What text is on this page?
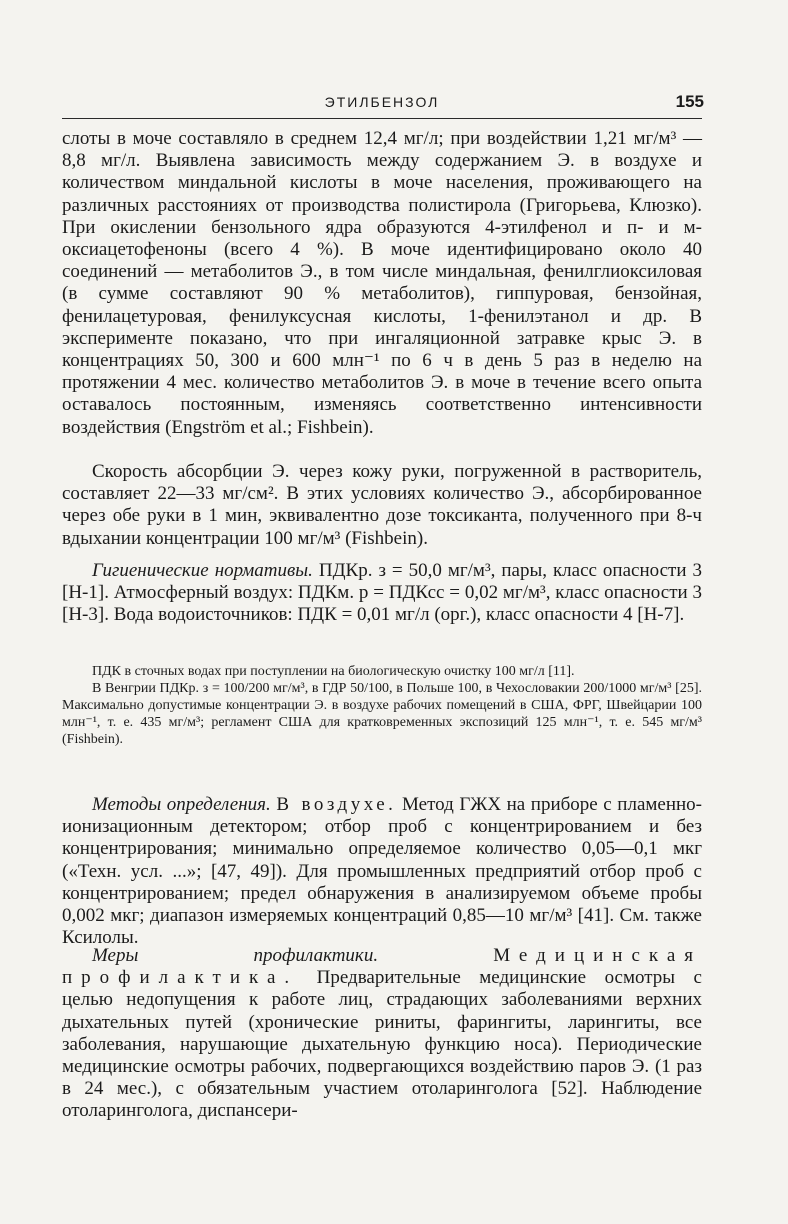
ЭТИЛБЕНЗОЛ	155

слоты в моче составляло в среднем 12,4 мг/л; при воздействии 1,21 мг/м³ — 8,8 мг/л. Выявлена зависимость между содержанием Э. в воздухе и количеством миндальной кислоты в моче населения, проживающего на различных расстояниях от производства полистирола (Григорьева, Клюзко). При окислении бензольного ядра образуются 4-этилфенол и п- и м-оксиацетофеноны (всего 4 %). В моче идентифицировано около 40 соединений — метаболитов Э., в том числе миндальная, фенилглиоксиловая (в сумме составляют 90 % метаболитов), гиппуровая, бензойная, фенилацетуровая, фенилуксусная кислоты, 1-фенилэтанол и др. В эксперименте показано, что при ингаляционной затравке крыс Э. в концентрациях 50, 300 и 600 млн⁻¹ по 6 ч в день 5 раз в неделю на протяжении 4 мес. количество метаболитов Э. в моче в течение всего опыта оставалось постоянным, изменяясь соответственно интенсивности воздействия (Engström et al.; Fishbein).

Скорость абсорбции Э. через кожу руки, погруженной в растворитель, составляет 22—33 мг/см². В этих условиях количество Э., абсорбированное через обе руки в 1 мин, эквивалентно дозе токсиканта, полученного при 8-ч вдыхании концентрации 100 мг/м³ (Fishbein).

Гигиенические нормативы. ПДКр. з = 50,0 мг/м³, пары, класс опасности 3 [Н-1]. Атмосферный воздух: ПДКм. р = ПДКсс = 0,02 мг/м³, класс опасности 3 [Н-3]. Вода водоисточников: ПДК = 0,01 мг/л (орг.), класс опасности 4 [Н-7].

ПДК в сточных водах при поступлении на биологическую очистку 100 мг/л [11].

В Венгрии ПДКр. з = 100/200 мг/м³, в ГДР 50/100, в Польше 100, в Чехословакии 200/1000 мг/м³ [25]. Максимально допустимые концентрации Э. в воздухе рабочих помещений в США, ФРГ, Швейцарии 100 млн⁻¹, т. е. 435 мг/м³; регламент США для кратковременных экспозиций 125 млн⁻¹, т. е. 545 мг/м³ (Fishbein).

Методы определения. В воздухе. Метод ГЖХ на приборе с пламенно-ионизационным детектором; отбор проб с концентрированием и без концентрирования; минимально определяемое количество 0,05—0,1 мкг («Техн. усл. ...»; [47, 49]). Для промышленных предприятий отбор проб с концентрированием; предел обнаружения в анализируемом объеме пробы 0,002 мкг; диапазон измеряемых концентраций 0,85—10 мг/м³ [41]. См. также Ксилолы.

Меры профилактики.	Медицинская профилактика. Предварительные медицинские осмотры с целью недопущения к работе лиц, страдающих заболеваниями верхних дыхательных путей (хронические риниты, фарингиты, ларингиты, все заболевания, нарушающие дыхательную функцию носа). Периодические медицинские осмотры рабочих, подвергающихся воздействию паров Э. (1 раз в 24 мес.), с обязательным участием отоларинголога [52]. Наблюдение отоларинголога, диспансери-
